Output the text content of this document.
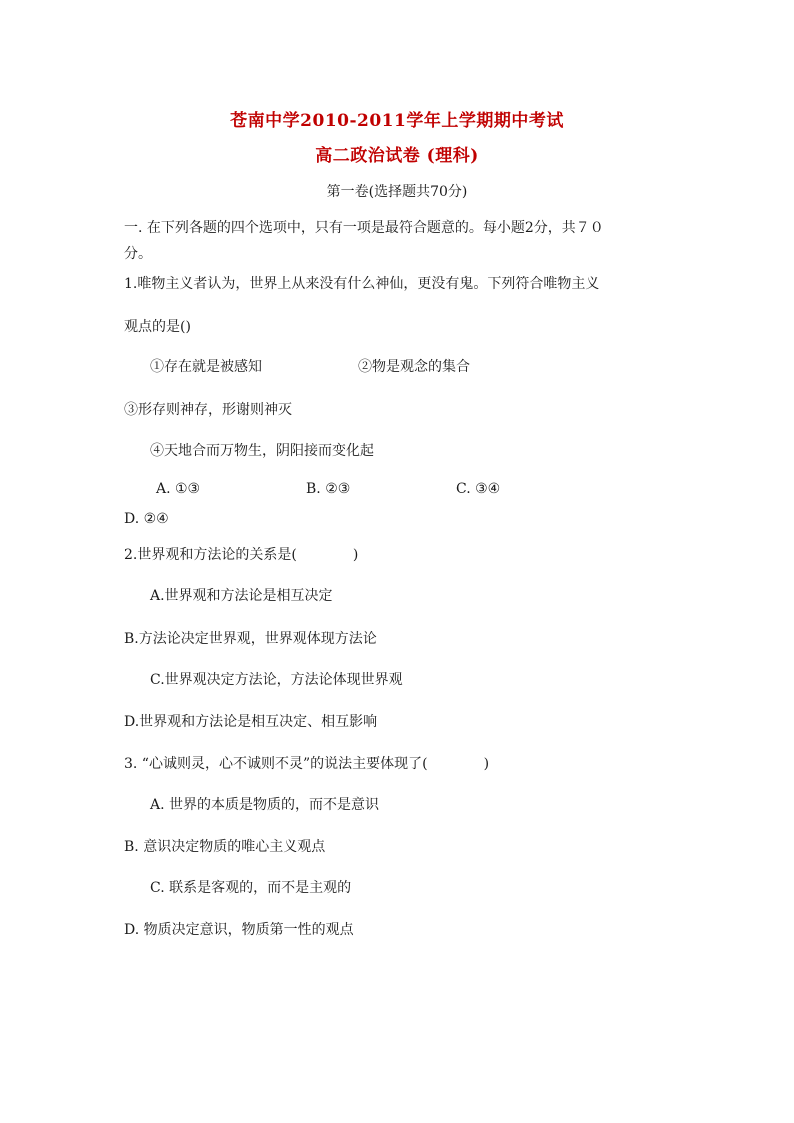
苍南中学2010-2011学年上学期期中考试
高二政治试卷 (理科)
第一卷(选择题共70分)
一. 在下列各题的四个选项中，只有一项是最符合题意的。每小题2分，共７０
分。
1.唯物主义者认为，世界上从来没有什么神仙，更没有鬼。下列符合唯物主义
观点的是()
①存在就是被感知	②物是观念的集合
③形存则神存，形谢则神灭
④天地合而万物生，阴阳接而变化起
A. ①③	B. ②③	C. ③④
D. ②④
2.世界观和方法论的关系是(　　　　)
A.世界观和方法论是相互决定
B.方法论决定世界观，世界观体现方法论
C.世界观决定方法论，方法论体现世界观
D.世界观和方法论是相互决定、相互影响
3. “心诚则灵，心不诚则不灵”的说法主要体现了(　　　　)
A. 世界的本质是物质的，而不是意识
B. 意识决定物质的唯心主义观点
C. 联系是客观的，而不是主观的
D. 物质决定意识，物质第一性的观点
